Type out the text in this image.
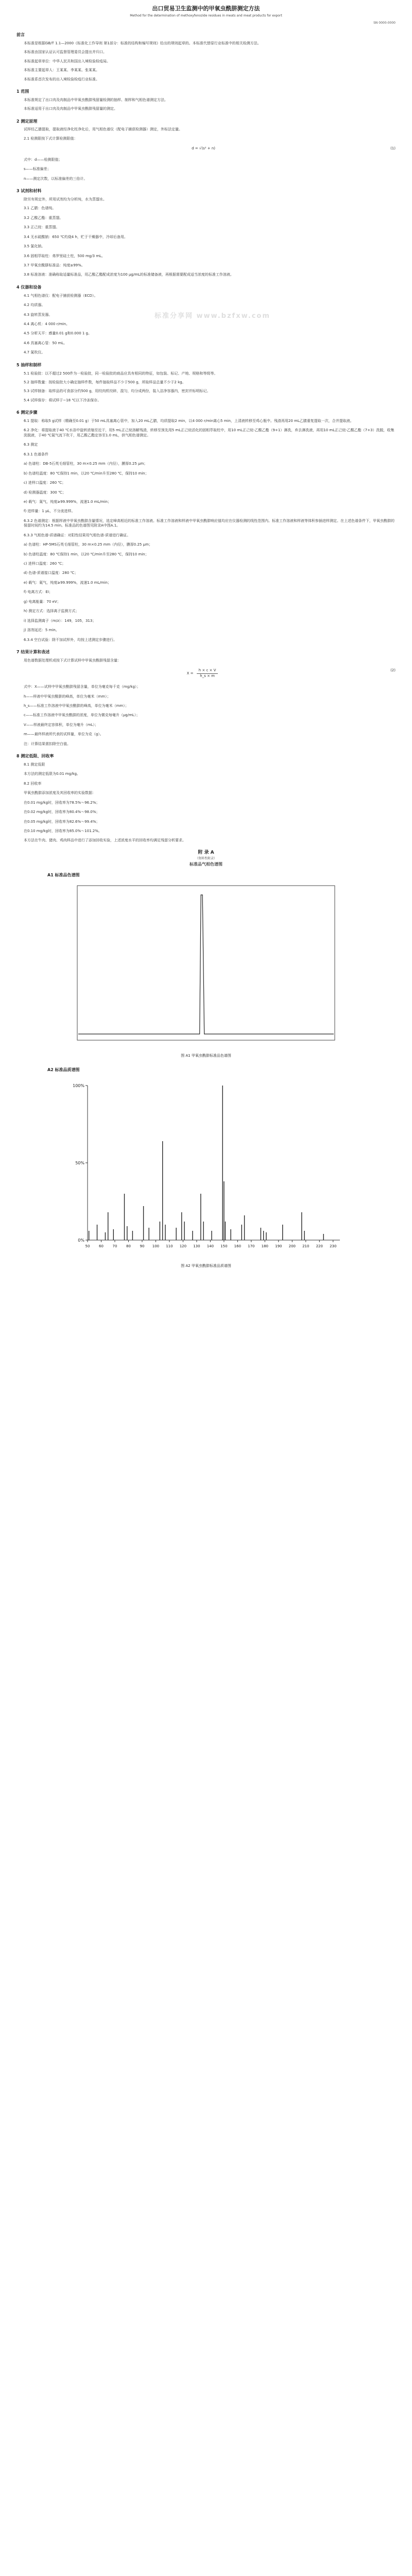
出口贸易卫生监测中的甲氧虫酰肼测定方法
Method for the determination of methoxyfenozide residues in meats and meat products for export
SN 0000-0000
前言

本标准是根据GB/T 1.1—2000《标准化工作导则 第1部分：标准的结构和编写规则》给出的规则起草的。本标准代替原行业标准中的相关检测方法。

本标准由国家认证认可监督管理委员会提出并归口。

本标准起草单位：中华人民共和国出入境检验检疫局。

本标准主要起草人：王某某、李某某、张某某。

本标准系首次发布的出入境检验检疫行业标准。

1 范围

本标准规定了出口肉及肉制品中甲氧虫酰肼残留量检测的抽样、制样和气相色谱测定方法。

本标准适用于出口肉及肉制品中甲氧虫酰肼残留量的测定。

2 测定原理

试样经乙腈提取，提取液经净化柱净化后，用气相色谱仪（配电子捕获检测器）测定，外标法定量。

2.1 检测限按下式计算检测限值：

d = √(s² + n)	(1)

式中：d——检测限值；

s——标准偏差；

n——测定次数，以标准偏差的三倍计。

3 试剂和材料

除另有规定外，所用试剂均为分析纯，水为蒸馏水。

3.1 乙腈：色谱纯。

3.2 乙酸乙酯：重蒸馏。

3.3 正己烷：重蒸馏。

3.4 无水硫酸钠：650 ℃灼烧4 h，贮于干燥器中，冷却后备用。

3.5 氯化钠。

3.6 固相萃取柱：弗罗里硅土柱，500 mg/3 mL。

3.7 甲氧虫酰肼标准品：纯度≥99%。

3.8 标准溶液：准确称取适量标准品，用乙酸乙酯配成浓度为100 μg/mL的标准储备液，再根据需要配成适当浓度的标准工作溶液。

4 仪器和设备

4.1 气相色谱仪：配电子捕获检测器（ECD）。

4.2 均质器。

4.3 旋转蒸发器。

4.4 离心机：4 000 r/min。

4.5 分析天平：感量0.01 g和0.000 1 g。

4.6 具塞离心管：50 mL。

4.7 氮吹仪。

5 抽样和制样

5.1 检验批：以不超过2 500件为一检验批，同一检验批的商品应具有相同的特征，如包装、标记、产地、规格和等级等。

5.2 抽样数量：按检验批大小确定抽样件数，每件抽取样品不少于500 g，所取样品总量不少于2 kg。

5.3 试样制备：取样品的可食部分约500 g，用绞肉机绞碎，混匀，均分成两份，装入洁净容器内，密封并标明标记。

5.4 试样保存：将试样于−18 ℃以下冷冻保存。

6 测定步骤

6.1 提取：称取5 g试样（精确至0.01 g）于50 mL具塞离心管中，加入20 mL乙腈，均质提取2 min，以4 000 r/min离心5 min，上清液转移至鸡心瓶中。残渣再用20 mL乙腈重复提取一次，合并提取液。

6.2 净化：将提取液于40 ℃水浴中旋转浓缩至近干，用5 mL正己烷溶解残渣，转移至预先用5 mL正己烷活化的固相萃取柱中，用10 mL正己烷-乙酸乙酯（9+1）淋洗，弃去淋洗液，再用10 mL正己烷-乙酸乙酯（7+3）洗脱，收集洗脱液，于40 ℃氮气流下吹干，用乙酸乙酯定容至1.0 mL，供气相色谱测定。

6.3 测定

6.3.1 色谱条件

a) 色谱柱：DB-5石英毛细管柱，30 m×0.25 mm（内径），膜厚0.25 μm；

b) 色谱柱温度：80 ℃保持1 min，以20 ℃/min升至280 ℃，保持10 min；

c) 进样口温度：260 ℃；

d) 检测器温度：300 ℃；

e) 载气：氮气，纯度≥99.999%，流速1.0 mL/min；

f) 进样量：1 μL，不分流进样。

6.3.2 色谱测定：根据样液中甲氧虫酰肼含量情况，选定峰高相近的标准工作溶液。标准工作溶液和样液中甲氧虫酰肼响应值均应在仪器检测的线性范围内。标准工作溶液和样液等体积参插进样测定。在上述色谱条件下，甲氧虫酰肼的保留时间约为14.5 min。标准品的色谱图见附录A中图A.1。

6.3.3 气相色谱-质谱确证：对阳性结果用气相色谱-质谱进行确证。

a) 色谱柱：HP-5MS石英毛细管柱，30 m×0.25 mm（内径），膜厚0.25 μm；

b) 色谱柱温度：80 ℃保持1 min，以20 ℃/min升至280 ℃，保持10 min；

c) 进样口温度：260 ℃；

d) 色谱-质谱接口温度：280 ℃；

e) 载气：氦气，纯度≥99.999%，流速1.0 mL/min；

f) 电离方式：EI；

g) 电离能量：70 eV；

h) 测定方式：选择离子监测方式；

i) 选择监测离子（m/z）：149，105，313；

j) 溶剂延迟：5 min。

6.3.4 空白试验：除不加试样外，均按上述测定步骤进行。

7 结果计算和表述

用色谱数据处理机或按下式计算试样中甲氧虫酰肼残留含量：

$X = \frac{h \times c \times V}{h\_s \times m}$	(2)

式中：X——试样中甲氧虫酰肼残留含量，单位为毫克每千克（mg/kg）；

h——样液中甲氧虫酰肼的峰高，单位为毫米（mm）；

h_s——标准工作溶液中甲氧虫酰肼的峰高，单位为毫米（mm）；

c——标准工作溶液中甲氧虫酰肼的浓度，单位为微克每毫升（μg/mL）；

V——样液最终定容体积，单位为毫升（mL）；

m——最终样液所代表的试样量，单位为克（g）。

注：计算结果需扣除空白值。

8 测定低限、回收率

8.1 测定低限

本方法的测定低限为0.01 mg/kg。

8.2 回收率

甲氧虫酰肼添加浓度及其回收率的实验数据：

在0.01 mg/kg时，回收率为78.5%～96.2%；

在0.02 mg/kg时，回收率为80.4%～98.0%；

在0.05 mg/kg时，回收率为82.6%～99.4%；

在0.10 mg/kg时，回收率为85.0%～101.2%。

本方法在牛肉、猪肉、鸡肉样品中进行了添加回收实验，上述浓度水平的回收率均满足残留分析要求。

附 录 A
（资料性附录）
标准品气相色谱图
A1 标准品色谱图
图 A1 甲氧虫酰肼标准品色谱图
A2 标准品质谱图
100%
50%
0%
50	60	70	80	90 100 110 120 130 140 150 160 170 180 190 200 210 220 230
图 A2 甲氧虫酰肼标准品质谱图
标准分享网 www.bzfxw.com
